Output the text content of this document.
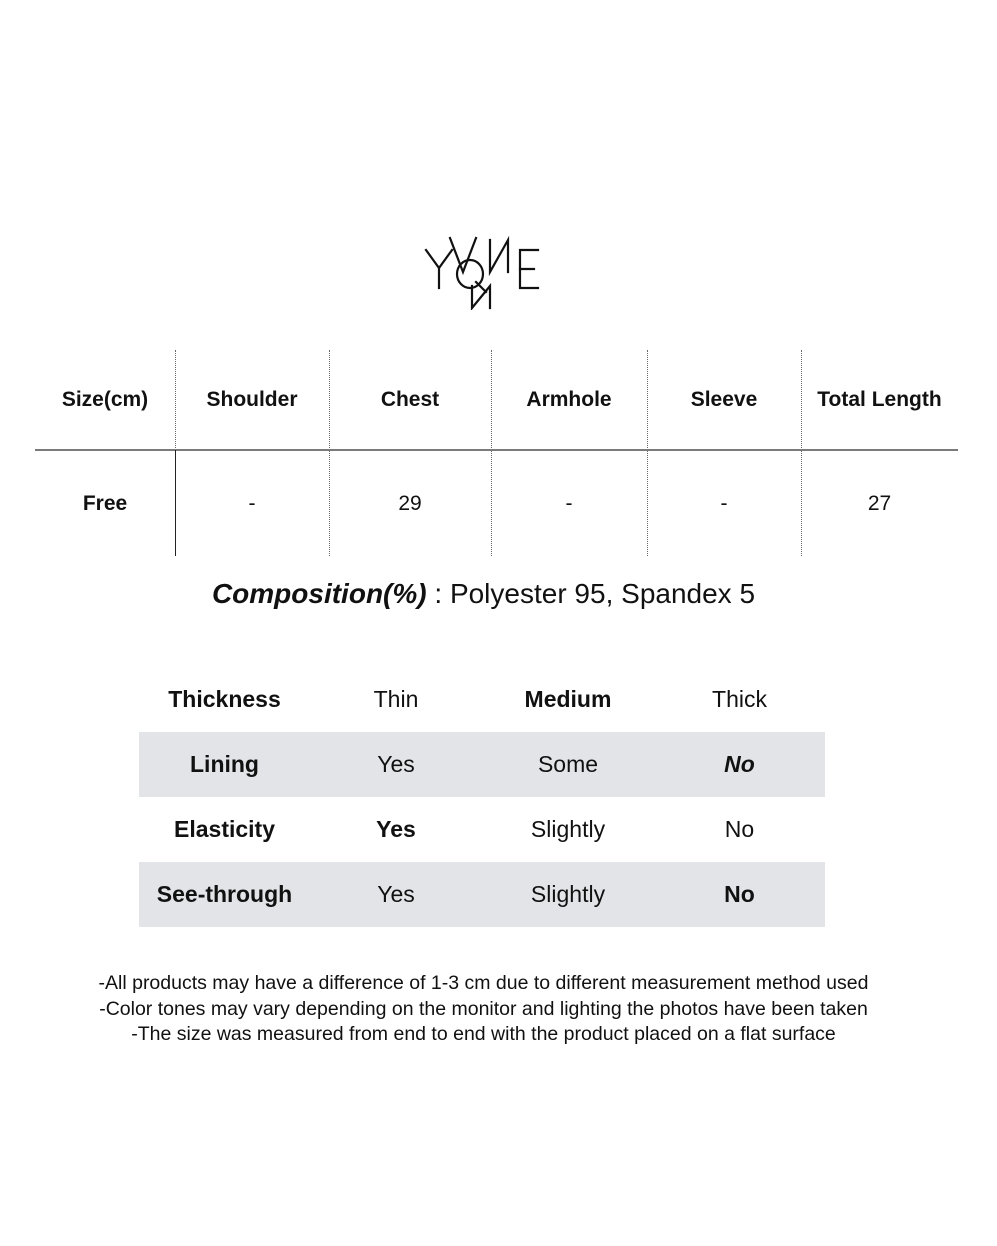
Size(cm)	Shoulder	Chest	Armhole	Sleeve	Total Length
Free	-	29	-	-	27
Composition(%) : Polyester 95, Spandex 5
Thickness	Thin	Medium	Thick
Lining	Yes	Some	No
Elasticity	Yes	Slightly	No
See-through	Yes	Slightly	No
-All products may have a difference of 1-3 cm due to different measurement method used
-Color tones may vary depending on the monitor and lighting the photos have been taken
-The size was measured from end to end with the product placed on a flat surface
